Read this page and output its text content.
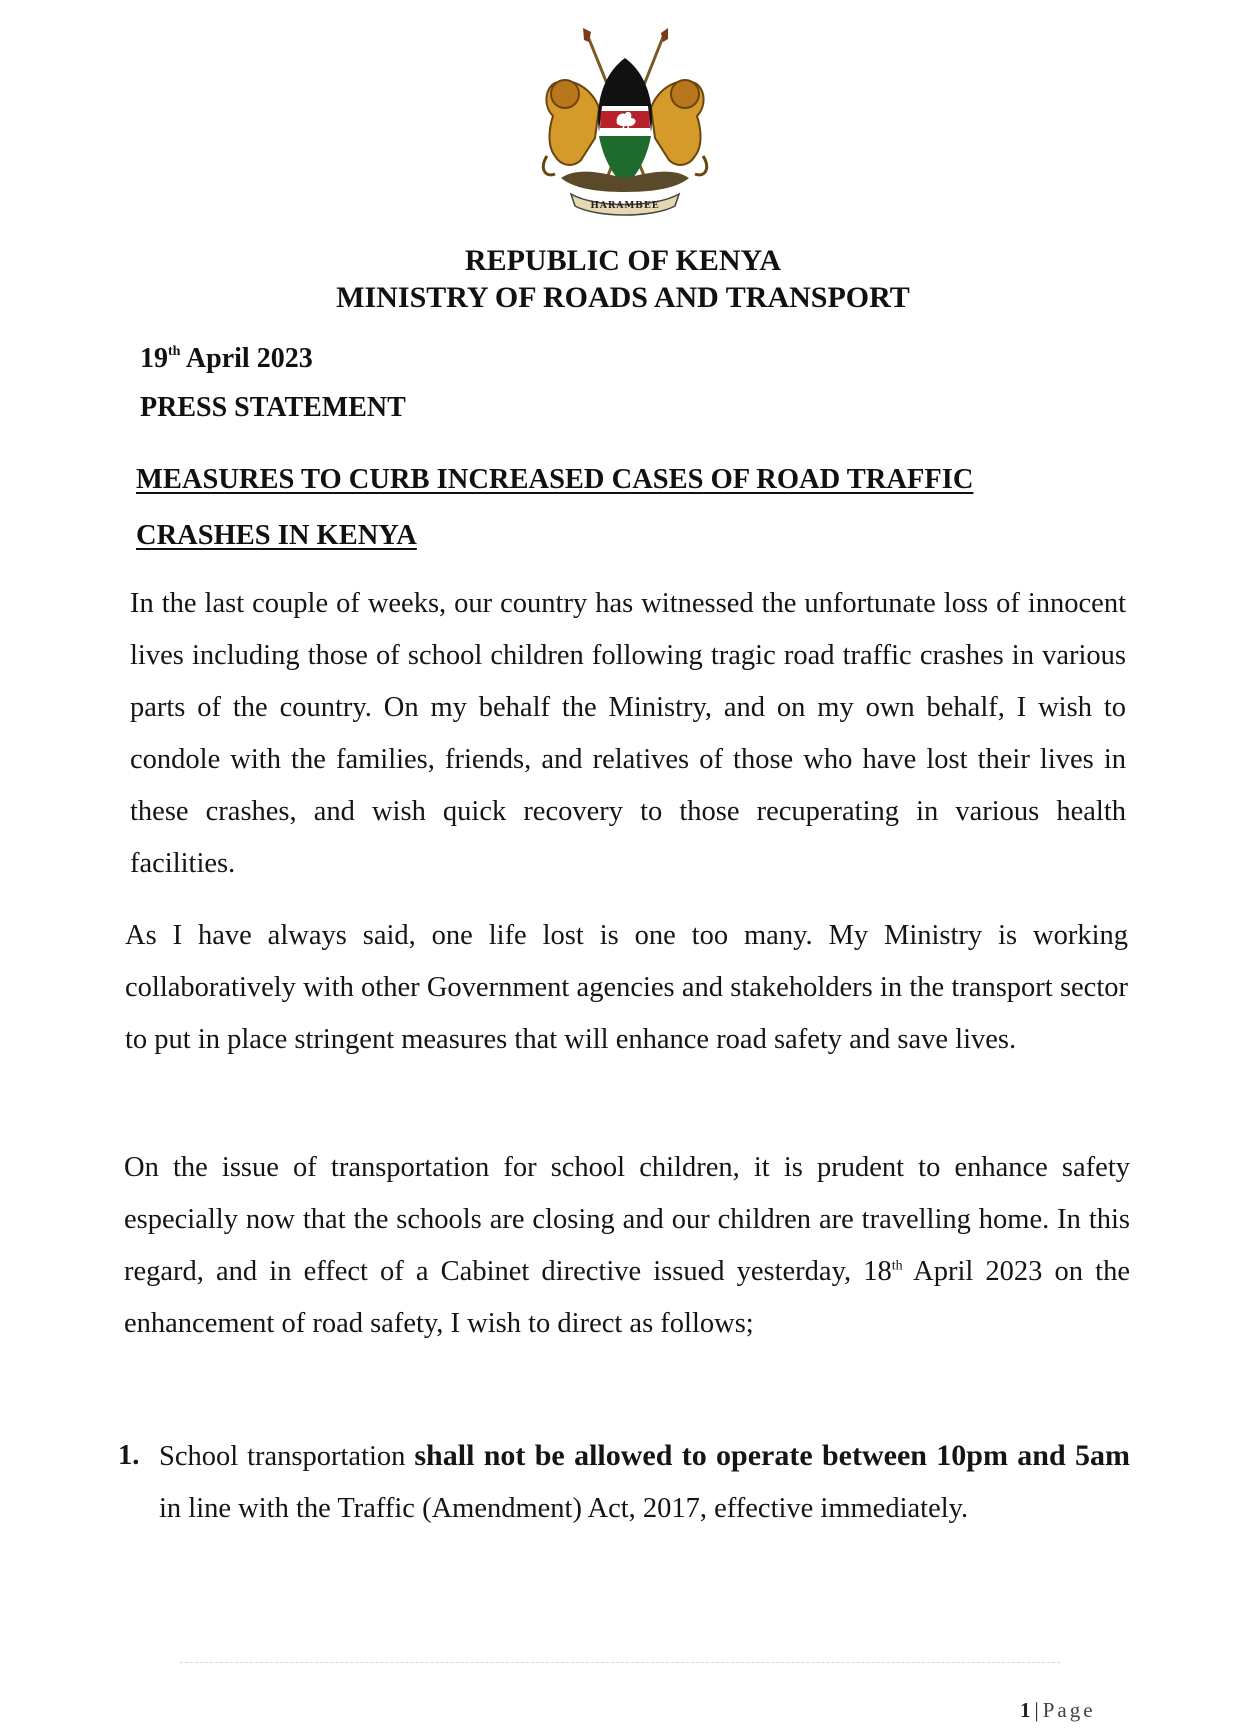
HARAMBEE
REPUBLIC OF KENYA
MINISTRY OF ROADS AND TRANSPORT
19th April 2023
PRESS STATEMENT
MEASURES TO CURB INCREASED CASES OF ROAD TRAFFIC
CRASHES IN KENYA

In the last couple of weeks, our country has witnessed the unfortunate loss of innocent lives including those of school children following tragic road traffic crashes in various parts of the country. On my behalf the Ministry, and on my own behalf, I wish to condole with the families, friends, and relatives of those who have lost their lives in these crashes, and wish quick recovery to those recuperating in various health facilities.

As I have always said, one life lost is one too many. My Ministry is working collaboratively with other Government agencies and stakeholders in the transport sector to put in place stringent measures that will enhance road safety and save lives.

On the issue of transportation for school children, it is prudent to enhance safety especially now that the schools are closing and our children are travelling home. In this regard, and in effect of a Cabinet directive issued yesterday, 18th April 2023 on the enhancement of road safety, I wish to direct as follows;

1. School transportation shall not be allowed to operate between 10pm and 5am in line with the Traffic (Amendment) Act, 2017, effective immediately.

1 | Page
